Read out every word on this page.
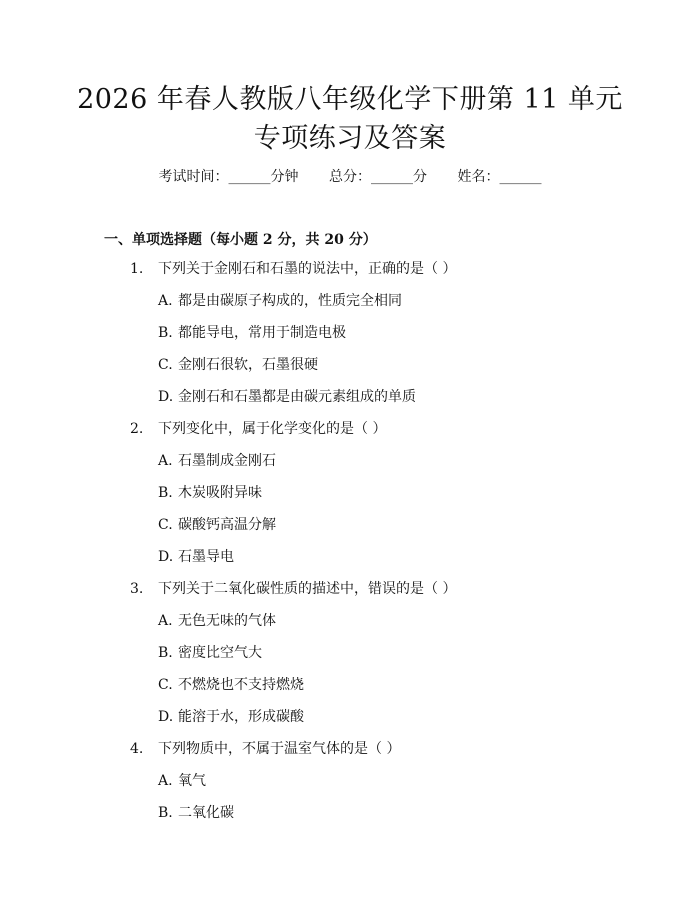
2026 年春人教版八年级化学下册第 11 单元
专项练习及答案
考试时间：______分钟 总分：______分 姓名：______
一、单项选择题（每小题 2 分，共 20 分）
1. 下列关于金刚石和石墨的说法中，正确的是（ ）
A. 都是由碳原子构成的，性质完全相同
B. 都能导电，常用于制造电极
C. 金刚石很软，石墨很硬
D. 金刚石和石墨都是由碳元素组成的单质
2. 下列变化中，属于化学变化的是（ ）
A. 石墨制成金刚石
B. 木炭吸附异味
C. 碳酸钙高温分解
D. 石墨导电
3. 下列关于二氧化碳性质的描述中，错误的是（ ）
A. 无色无味的气体
B. 密度比空气大
C. 不燃烧也不支持燃烧
D. 能溶于水，形成碳酸
4. 下列物质中，不属于温室气体的是（ ）
A. 氧气
B. 二氧化碳
